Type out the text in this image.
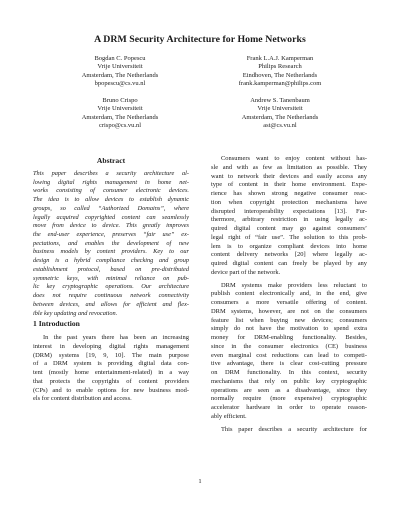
A DRM Security Architecture for Home Networks
Bogdan C. Popescu
Vrije Universiteit
Amsterdam, The Netherlands
bpopescu@cs.vu.nl
Frank L.A.J. Kamperman
Philips Research
Eindhoven, The Netherlands
frank.kamperman@philips.com
Bruno Crispo
Vrije Universiteit
Amsterdam, The Netherlands
crispo@cs.vu.nl
Andrew S. Tanenbaum
Vrije Universiteit
Amsterdam, The Netherlands
ast@cs.vu.nl
Abstract
This paper describes a security architecture al-
lowing digital rights management in home net-
works consisting of consumer electronic devices.
The idea is to allow devices to establish dynamic
groups, so called “Authorized Domains”, where
legally acquired copyrighted content can seamlessly
move from device to device. This greatly improves
the end-user experience, preserves “fair use” ex-
pectations, and enables the development of new
business models by content providers. Key to our
design is a hybrid compliance checking and group
establishment protocol, based on pre-distributed
symmetric keys, with minimal reliance on pub-
lic key cryptographic operations. Our architecture
does not require continuous network connectivity
between devices, and allows for efficient and flex-
ible key updating and revocation.
1 Introduction
In the past years there has been an increasing
interest in developing digital rights management
(DRM) systems [19, 9, 10]. The main purpose
of a DRM system is providing digital data con-
tent (mostly home entertainment-related) in a way
that protects the copyrights of content providers
(CPs) and to enable options for new business mod-
els for content distribution and access.
Consumers want to enjoy content without has-
sle and with as few as limitation as possible. They
want to network their devices and easily access any
type of content in their home environment. Expe-
rience has shown strong negative consumer reac-
tion when copyright protection mechanisms have
disrupted interoperability expectations [13]. Fur-
thermore, arbitrary restriction in using legally ac-
quired digital content may go against consumers’
legal right of “fair use”. The solution to this prob-
lem is to organize compliant devices into home
content delivery networks [20] where legally ac-
quired digital content can freely be played by any
device part of the network.
DRM systems make providers less reluctant to
publish content electronically and, in the end, give
consumers a more versatile offering of content.
DRM systems, however, are not on the consumers
feature list when buying new devices; consumers
simply do not have the motivation to spend extra
money for DRM-enabling functionality. Besides,
since in the consumer electronics (CE) business
even marginal cost reductions can lead to competi-
tive advantage, there is clear cost-cutting pressure
on DRM functionality. In this context, security
mechanisms that rely on public key cryptographic
operations are seen as a disadvantage, since they
normally require (more expensive) cryptographic
accelerator hardware in order to operate reason-
ably efficient.
This paper describes a security architecture for
1
